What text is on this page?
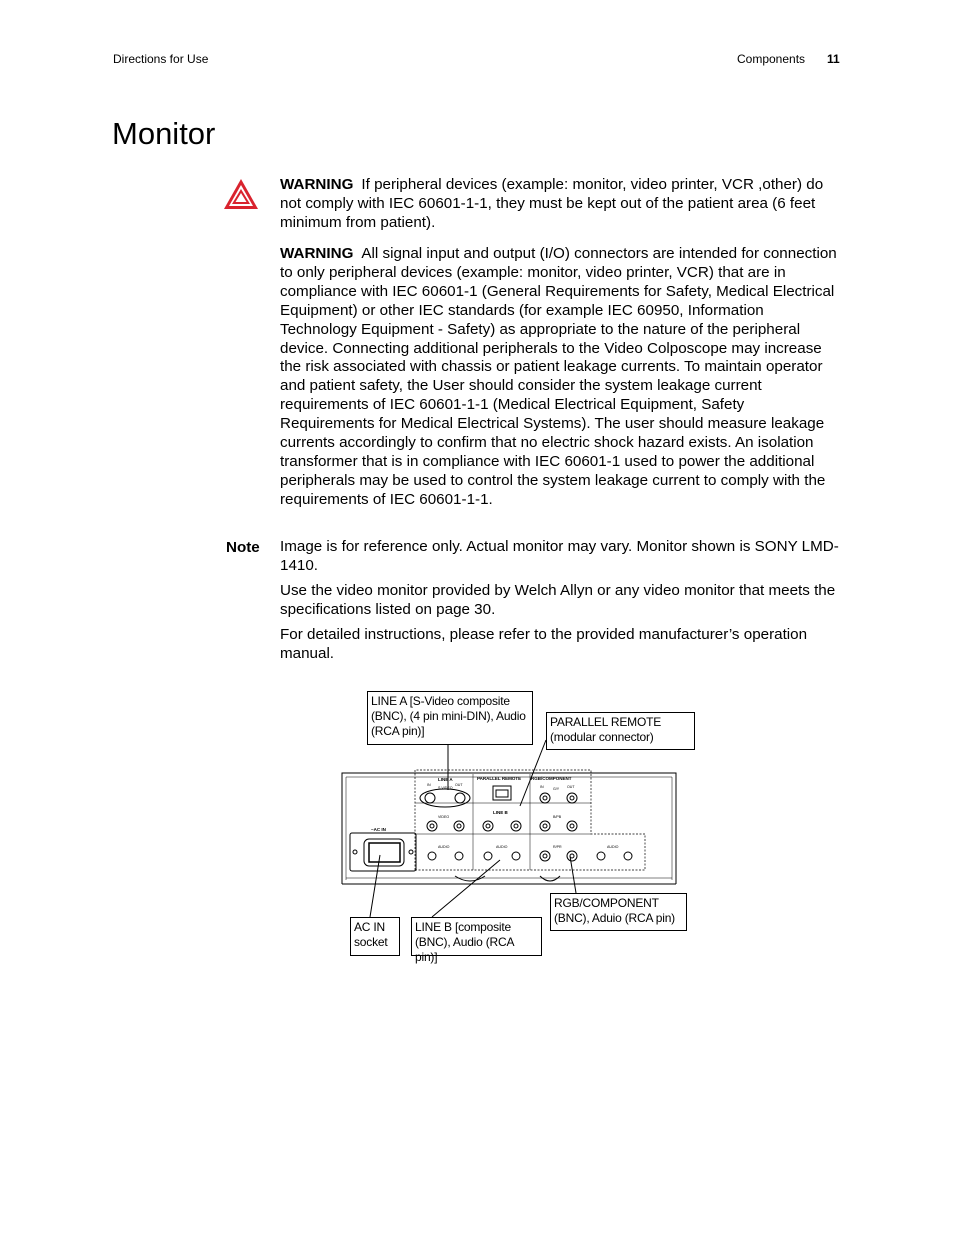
Directions for Use	Components 11
Monitor

WARNING If peripheral devices (example: monitor, video printer, VCR ,other) do not comply with IEC 60601-1-1, they must be kept out of the patient area (6 feet minimum from patient).

WARNING All signal input and output (I/O) connectors are intended for connection to only peripheral devices (example: monitor, video printer, VCR) that are in compliance with IEC 60601-1 (General Requirements for Safety, Medical Electrical Equipment) or other IEC standards (for example IEC 60950, Information Technology Equipment - Safety) as appropriate to the nature of the peripheral device. Connecting additional peripherals to the Video Colposcope may increase the risk associated with chassis or patient leakage currents. To maintain operator and patient safety, the User should consider the system leakage current requirements of IEC 60601-1-1 (Medical Electrical Equipment, Safety Requirements for Medical Electrical Systems). The user should measure leakage currents accordingly to confirm that no electric shock hazard exists. An isolation transformer that is in compliance with IEC 60601-1 used to power the additional peripherals may be used to control the system leakage current to comply with the requirements of IEC 60601-1-1.

Note Image is for reference only. Actual monitor may vary. Monitor shown is SONY LMD-1410.

Use the video monitor provided by Welch Allyn or any video monitor that meets the specifications listed on page 30.

For detailed instructions, please refer to the provided manufacturer’s operation manual.

~AC IN
LINE A	PARALLEL REMOTE RGB/COMPONENT
LINE B
S VIDEO
VIDEO
AUDIO	AUDIO	AUDIO
IN	OUT	IN	OUT
G/Y
B/PB
R/PR
LINE A [S-Video composite (BNC), (4 pin mini-DIN), Audio (RCA pin)]
PARALLEL REMOTE (modular connector)
RGB/COMPONENT (BNC), Aduio (RCA pin)
AC IN socket
LINE B [composite (BNC), Audio (RCA pin)]
